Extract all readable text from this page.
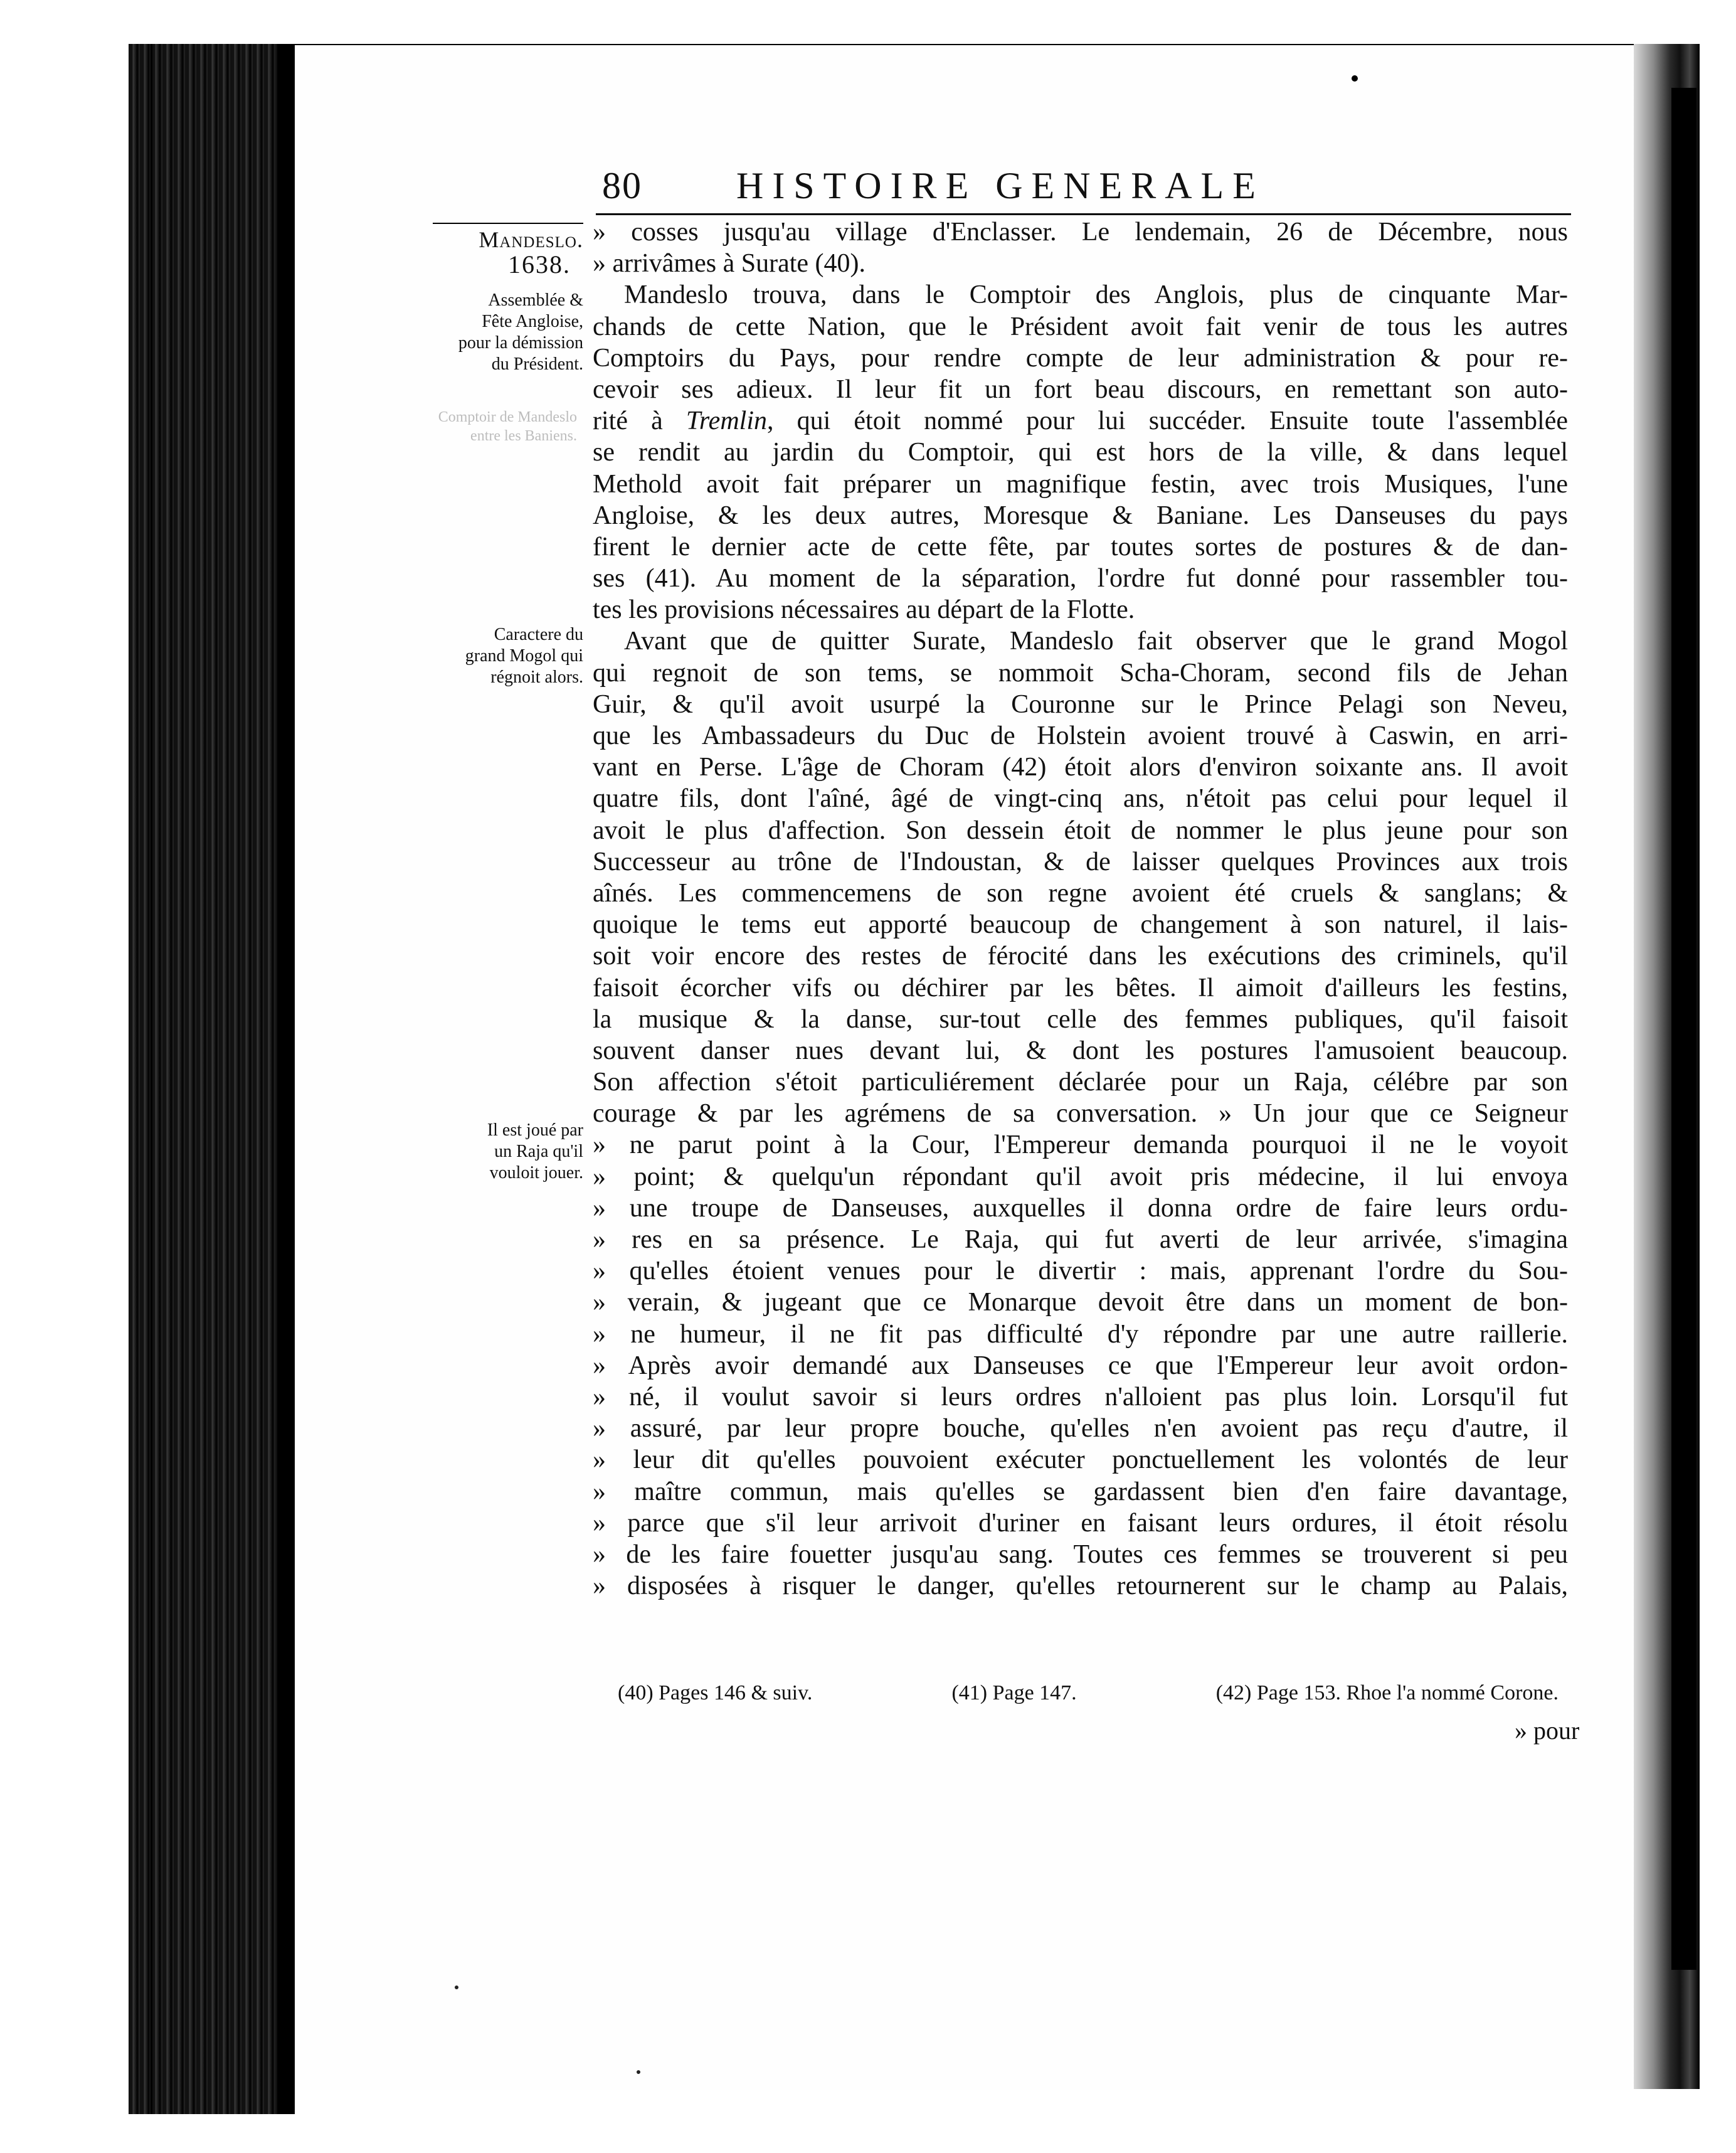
80	HISTOIRE GENERALE
Mandeslo.
1638.
Assemblée &
Fête Angloise,
pour la démission
du Président.
Comptoir de Mandeslo entre les Baniens.
Caractere du
grand Mogol qui
régnoit alors.
Il est joué par
un Raja qu'il
vouloit jouer.
» cosses jusqu'au village d'Enclasser. Le lendemain, 26 de Décembre, nous
» arrivâmes à Surate (40).
Mandeslo trouva, dans le Comptoir des Anglois, plus de cinquante Mar-
chands de cette Nation, que le Président avoit fait venir de tous les autres
Comptoirs du Pays, pour rendre compte de leur administration & pour re-
cevoir ses adieux. Il leur fit un fort beau discours, en remettant son auto-
rité à Tremlin, qui étoit nommé pour lui succéder. Ensuite toute l'assemblée
se rendit au jardin du Comptoir, qui est hors de la ville, & dans lequel
Methold avoit fait préparer un magnifique festin, avec trois Musiques, l'une
Angloise, & les deux autres, Moresque & Baniane. Les Danseuses du pays
firent le dernier acte de cette fête, par toutes sortes de postures & de dan-
ses (41). Au moment de la séparation, l'ordre fut donné pour rassembler tou-
tes les provisions nécessaires au départ de la Flotte.
Avant que de quitter Surate, Mandeslo fait observer que le grand Mogol
qui regnoit de son tems, se nommoit Scha-Choram, second fils de Jehan
Guir, & qu'il avoit usurpé la Couronne sur le Prince Pelagi son Neveu,
que les Ambassadeurs du Duc de Holstein avoient trouvé à Caswin, en arri-
vant en Perse. L'âge de Choram (42) étoit alors d'environ soixante ans. Il avoit
quatre fils, dont l'aîné, âgé de vingt-cinq ans, n'étoit pas celui pour lequel il
avoit le plus d'affection. Son dessein étoit de nommer le plus jeune pour son
Successeur au trône de l'Indoustan, & de laisser quelques Provinces aux trois
aînés. Les commencemens de son regne avoient été cruels & sanglans; &
quoique le tems eut apporté beaucoup de changement à son naturel, il lais-
soit voir encore des restes de férocité dans les exécutions des criminels, qu'il
faisoit écorcher vifs ou déchirer par les bêtes. Il aimoit d'ailleurs les festins,
la musique & la danse, sur-tout celle des femmes publiques, qu'il faisoit
souvent danser nues devant lui, & dont les postures l'amusoient beaucoup.
Son affection s'étoit particuliérement déclarée pour un Raja, célébre par son
courage & par les agrémens de sa conversation. » Un jour que ce Seigneur
» ne parut point à la Cour, l'Empereur demanda pourquoi il ne le voyoit
» point; & quelqu'un répondant qu'il avoit pris médecine, il lui envoya
» une troupe de Danseuses, auxquelles il donna ordre de faire leurs ordu-
» res en sa présence. Le Raja, qui fut averti de leur arrivée, s'imagina
» qu'elles étoient venues pour le divertir : mais, apprenant l'ordre du Sou-
» verain, & jugeant que ce Monarque devoit être dans un moment de bon-
» ne humeur, il ne fit pas difficulté d'y répondre par une autre raillerie.
» Après avoir demandé aux Danseuses ce que l'Empereur leur avoit ordon-
» né, il voulut savoir si leurs ordres n'alloient pas plus loin. Lorsqu'il fut
» assuré, par leur propre bouche, qu'elles n'en avoient pas reçu d'autre, il
» leur dit qu'elles pouvoient exécuter ponctuellement les volontés de leur
» maître commun, mais qu'elles se gardassent bien d'en faire davantage,
» parce que s'il leur arrivoit d'uriner en faisant leurs ordures, il étoit résolu
» de les faire fouetter jusqu'au sang. Toutes ces femmes se trouverent si peu
» disposées à risquer le danger, qu'elles retournerent sur le champ au Palais,
(40) Pages 146 & suiv.	(41) Page 147.	(42) Page 153. Rhoe l'a nommé Corone.
» pour
